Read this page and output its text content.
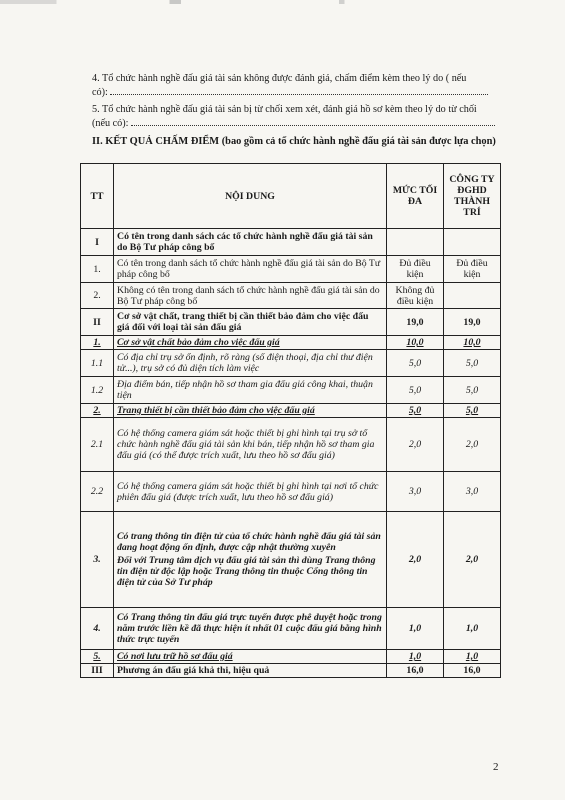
4. Tổ chức hành nghề đấu giá tài sản không được đánh giá, chấm điểm kèm theo lý do ( nếu
có):
5. Tổ chức hành nghề đấu giá tài sản bị từ chối xem xét, đánh giá hồ sơ kèm theo lý do từ chối
(nếu có):
II. KẾT QUẢ CHẤM ĐIỂM (bao gồm cả tổ chức hành nghề đấu giá tài sản được lựa chọn)
TT	NỘI DUNG	MỨC TỐI ĐA	CÔNG TY ĐGHD THÀNH TRÍ
I	Có tên trong danh sách các tổ chức hành nghề đấu giá tài sản do Bộ Tư pháp công bố		
1.	Có tên trong danh sách tổ chức hành nghề đấu giá tài sản do Bộ Tư pháp công bố	Đủ điều kiện	Đủ điều kiện
2.	Không có tên trong danh sách tổ chức hành nghề đấu giá tài sản do Bộ Tư pháp công bố	Không đủ điều kiện	
II	Cơ sở vật chất, trang thiết bị cần thiết bảo đảm cho việc đấu giá đối với loại tài sản đấu giá	19,0	19,0
1.	Cơ sở vật chất bảo đảm cho việc đấu giá	10,0	10,0
1.1	Có địa chỉ trụ sở ổn định, rõ ràng (số điện thoại, địa chỉ thư điện tử...), trụ sở có đủ diện tích làm việc	5,0	5,0
1.2	Địa điểm bán, tiếp nhận hồ sơ tham gia đấu giá công khai, thuận tiện	5,0	5,0
2.	Trang thiết bị cần thiết bảo đảm cho việc đấu giá	5,0	5,0
2.1	Có hệ thống camera giám sát hoặc thiết bị ghi hình tại trụ sở tổ chức hành nghề đấu giá tài sản khi bán, tiếp nhận hồ sơ tham gia đấu giá (có thể được trích xuất, lưu theo hồ sơ đấu giá)	2,0	2,0
2.2	Có hệ thống camera giám sát hoặc thiết bị ghi hình tại nơi tổ chức phiên đấu giá (được trích xuất, lưu theo hồ sơ đấu giá)	3,0	3,0
3.	Có trang thông tin điện tử của tổ chức hành nghề đấu giá tài sản đang hoạt động ổn định, được cập nhật thường xuyên
Đối với Trung tâm dịch vụ đấu giá tài sản thì dùng Trang thông tin điện tử độc lập hoặc Trang thông tin thuộc Cổng thông tin điện tử của Sở Tư pháp	2,0	2,0
4.	Có Trang thông tin đấu giá trực tuyến được phê duyệt hoặc trong năm trước liền kề đã thực hiện ít nhất 01 cuộc đấu giá bằng hình thức trực tuyến	1,0	1,0
5.	Có nơi lưu trữ hồ sơ đấu giá	1,0	1,0
III	Phương án đấu giá khả thi, hiệu quả	16,0	16,0
2
